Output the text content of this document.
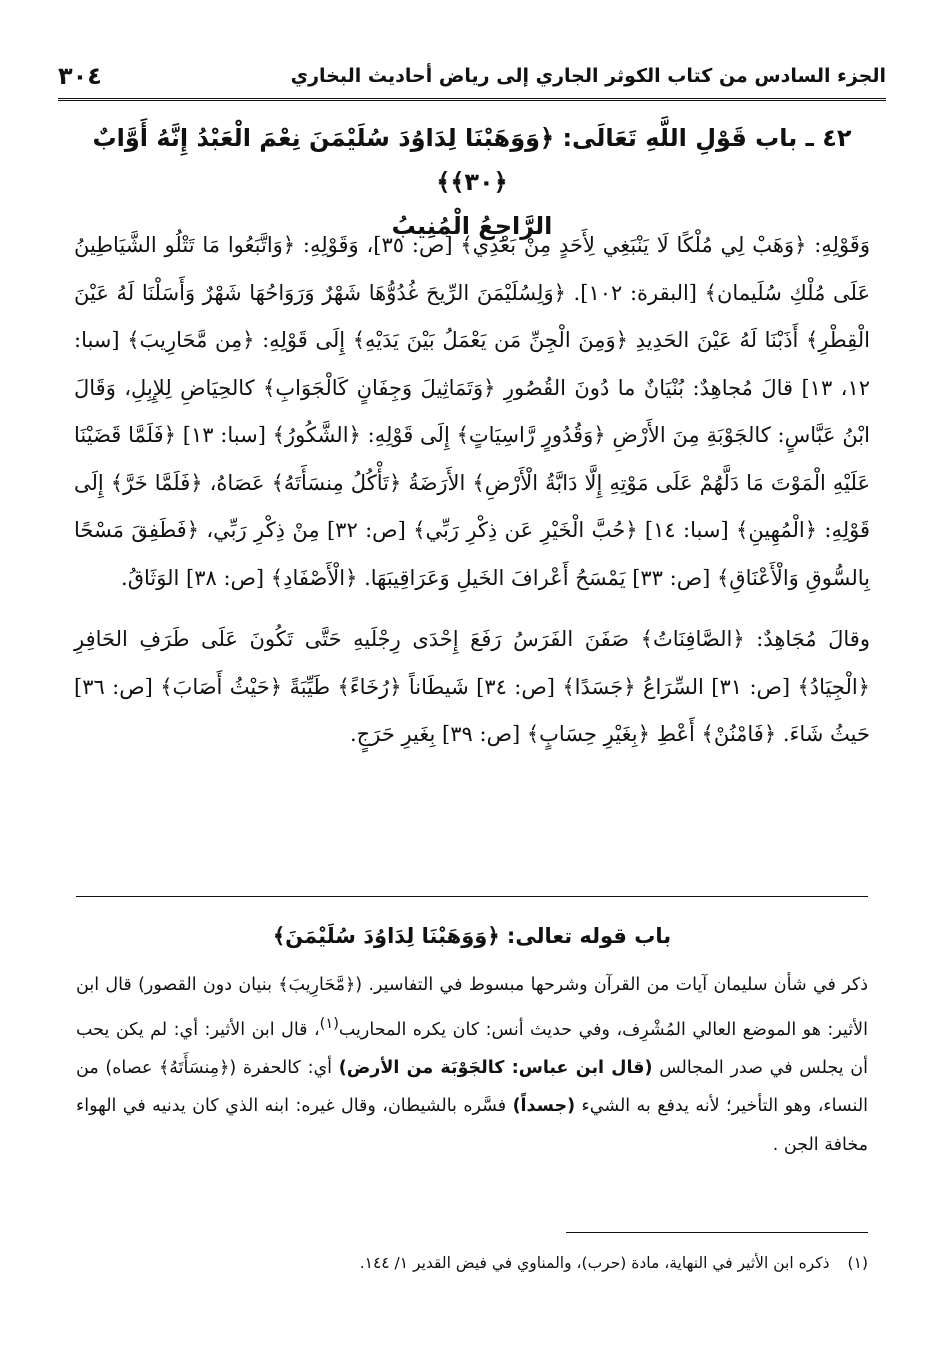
الجزء السادس من كتاب الكوثر الجاري إلى رياض أحاديث البخاري
٣٠٤
٤٢ ـ باب قَوْلِ اللَّهِ تَعَالَى: ﴿وَوَهَبْنَا لِدَاوُدَ سُلَيْمَنَ نِعْمَ الْعَبْدُ إِنَّهُ أَوَّابٌ ﴿٣٠﴾﴾
الرَّاجِعُ الْمُنِيبُ

وَقَوْلِهِ: ﴿وَهَبْ لِي مُلْكًا لَا يَنْبَغِي لِأَحَدٍ مِنْ بَعْدِي﴾ [ص: ٣٥]، وَقَوْلِهِ: ﴿وَاتَّبَعُوا مَا تَتْلُو الشَّيَاطِينُ عَلَى مُلْكِ سُلَيمان﴾ [البقرة: ١٠٢]. ﴿وَلِسُلَيْمَنَ الرِّيحَ غُدُوُّهَا شَهْرٌ وَرَوَاحُهَا شَهْرٌ وَأَسَلْنَا لَهُ عَيْنَ الْقِطْرِ﴾ أَذَبْنَا لَهُ عَيْنَ الحَدِيدِ ﴿وَمِنَ الْجِنِّ مَن يَعْمَلُ بَيْنَ يَدَيْهِ﴾ إِلَى قَوْلِهِ: ﴿مِن مَّحَارِيبَ﴾ [سبا: ١٢، ١٣] قالَ مُجاهِدٌ: بُنْيَانٌ ما دُونَ القُصُورِ ﴿وَتَمَاثِيلَ وَجِفَانٍ كَالْجَوَابِ﴾ كالحِيَاضِ لِلإِبِلِ، وَقَالَ ابْنُ عَبَّاسٍ: كالجَوْبَةِ مِنَ الأَرْضِ ﴿وَقُدُورٍ رَّاسِيَاتٍ﴾ إِلَى قَوْلِهِ: ﴿الشَّكُورُ﴾ [سبا: ١٣] ﴿فَلَمَّا قَضَيْنَا عَلَيْهِ الْمَوْتَ مَا دَلَّهُمْ عَلَى مَوْتِهِ إِلَّا دَابَّةُ الْأَرْضِ﴾ الأَرَضَةُ ﴿تَأْكُلُ مِنسَأَتَهُ﴾ عَصَاهُ، ﴿فَلَمَّا خَرَّ﴾ إِلَى قَوْلِهِ: ﴿الْمُهِينِ﴾ [سبا: ١٤] ﴿حُبَّ الْخَيْرِ عَن ذِكْرِ رَبِّي﴾ [ص: ٣٢] مِنْ ذِكْرِ رَبِّي، ﴿فَطَفِقَ مَسْحًا بِالسُّوقِ وَالْأَعْنَاقِ﴾ [ص: ٣٣] يَمْسَحُ أَعْرافَ الخَيلِ وَعَرَاقِيبَهَا. ﴿الْأَصْفَادِ﴾ [ص: ٣٨] الوَثَاقُ.

وقالَ مُجَاهِدٌ: ﴿الصَّافِنَاتُ﴾ صَفَنَ الفَرَسُ رَفَعَ إِحْدَى رِجْلَيهِ حَتَّى تَكُونَ عَلَى طَرَفِ الحَافِرِ ﴿الْجِيَادُ﴾ [ص: ٣١] السِّرَاعُ ﴿جَسَدًا﴾ [ص: ٣٤] شَيطَاناً ﴿رُخَاءً﴾ طَيِّبَةً ﴿حَيْثُ أَصَابَ﴾ [ص: ٣٦] حَيثُ شَاءَ. ﴿فَامْنُنْ﴾ أَعْطِ ﴿بِغَيْرِ حِسَابٍ﴾ [ص: ٣٩] بِغَيرِ حَرَجٍ.

باب قوله تعالى: ﴿وَوَهَبْنَا لِدَاوُدَ سُلَيْمَنَ﴾

ذكر في شأن سليمان آيات من القرآن وشرحها مبسوط في التفاسير. (﴿مَّحَارِيبَ﴾ بنيان دون القصور) قال ابن الأثير: هو الموضع العالي المُشْرِف، وفي حديث أنس: كان يكره المحاريب$^{(١)}$، قال ابن الأثير: أي: لم يكن يحب أن يجلس في صدر المجالس (قال ابن عباس: كالجَوْبَة من الأرض) أي: كالحفرة (﴿مِنسَأَتَهُ﴾ عصاه) من النساء، وهو التأخير؛ لأنه يدفع به الشيء (جسداً) فسَّره بالشيطان، وقال غيره: ابنه الذي كان يدنيه في الهواء مخافة الجن .

(١)ذكره ابن الأثير في النهاية، مادة (حرب)، والمناوي في فيض القدير ١/ ١٤٤.
